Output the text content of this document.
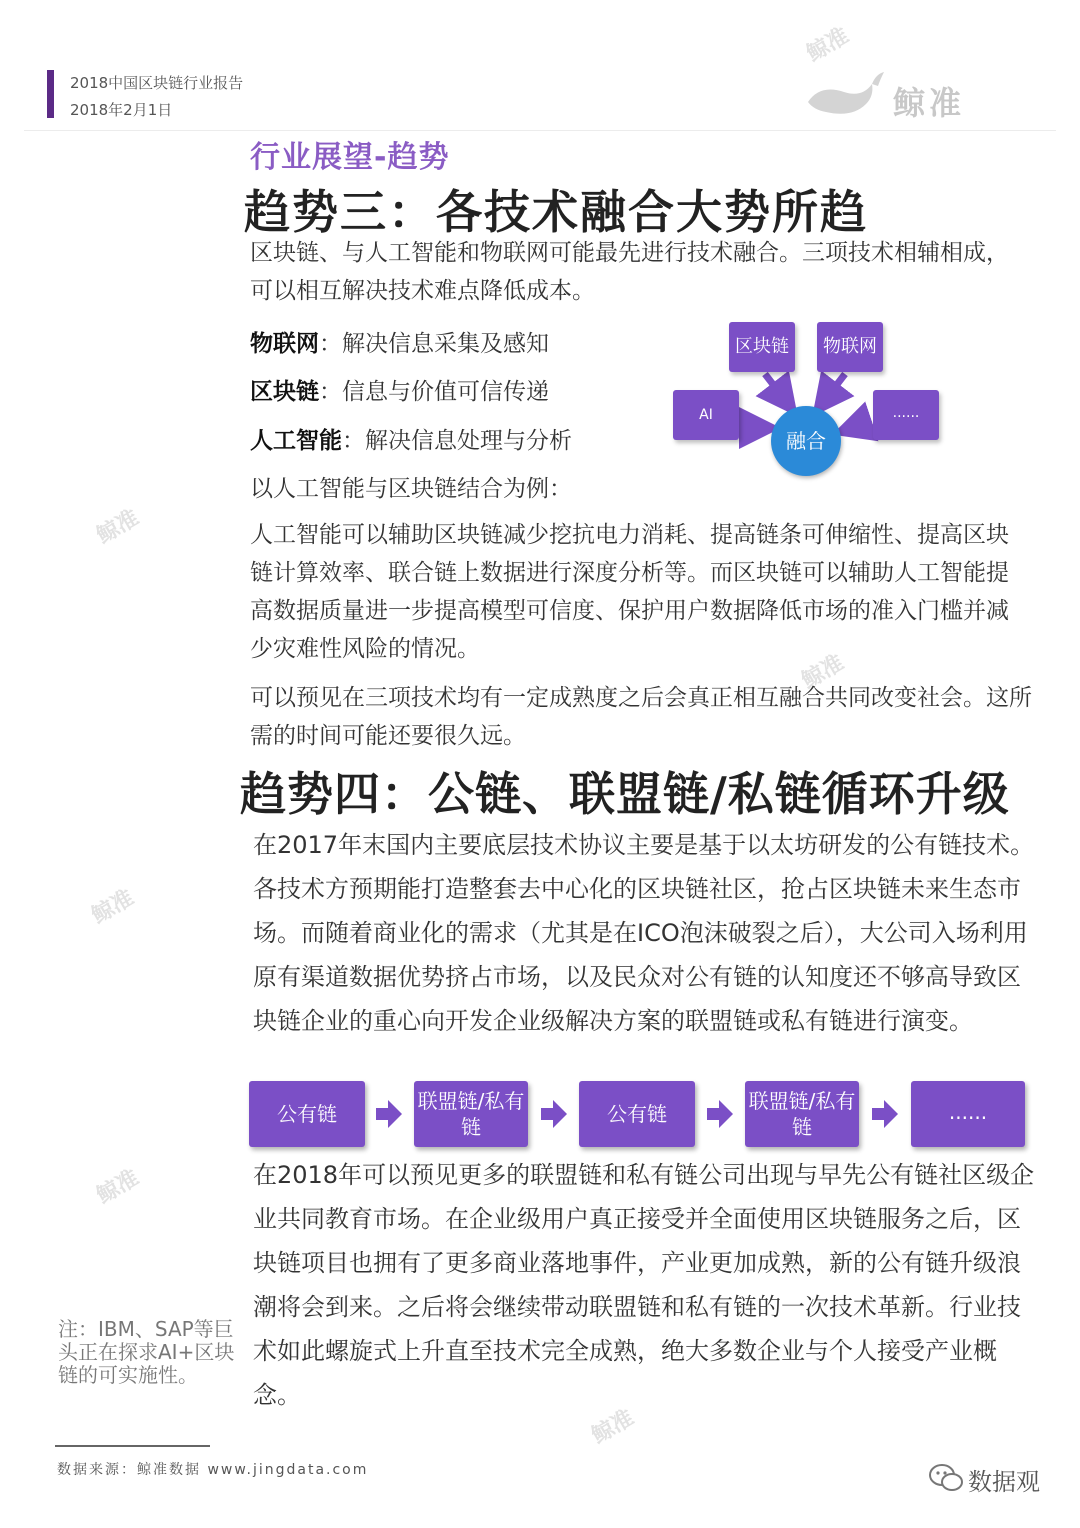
鲸准
鲸准
鲸准
鲸准
鲸准
鲸准
2018中国区块链行业报告
2018年2月1日	鲸准
行业展望-趋势
趋势三：各技术融合大势所趋
区块链、与人工智能和物联网可能最先进行技术融合。三项技术相辅相成，可以相互解决技术难点降低成本。
物联网：解决信息采集及感知
区块链：信息与价值可信传递
人工智能：解决信息处理与分析
以人工智能与区块链结合为例：
人工智能可以辅助区块链减少挖抗电力消耗、提高链条可伸缩性、提高区块链计算效率、联合链上数据进行深度分析等。而区块链可以辅助人工智能提高数据质量进一步提高模型可信度、保护用户数据降低市场的准入门槛并减少灾难性风险的情况。
可以预见在三项技术均有一定成熟度之后会真正相互融合共同改变社会。这所需的时间可能还要很久远。
区块链	物联网
AI	......
融合
趋势四：公链、联盟链/私链循环升级
在2017年末国内主要底层技术协议主要是基于以太坊研发的公有链技术。各技术方预期能打造整套去中心化的区块链社区，抢占区块链未来生态市场。而随着商业化的需求（尤其是在ICO泡沫破裂之后），大公司入场利用原有渠道数据优势挤占市场，以及民众对公有链的认知度还不够高导致区块链企业的重心向开发企业级解决方案的联盟链或私有链进行演变。
公有链
联盟链/私有链
公有链
联盟链/私有链
......
在2018年可以预见更多的联盟链和私有链公司出现与早先公有链社区级企业共同教育市场。在企业级用户真正接受并全面使用区块链服务之后，区块链项目也拥有了更多商业落地事件，产业更加成熟，新的公有链升级浪潮将会到来。之后将会继续带动联盟链和私有链的一次技术革新。行业技术如此螺旋式上升直至技术完全成熟，绝大多数企业与个人接受产业概念。
注：IBM、SAP等巨头正在探求AI+区块链的可实施性。
数据来源：鲸准数据 www.jingdata.com	数据观
